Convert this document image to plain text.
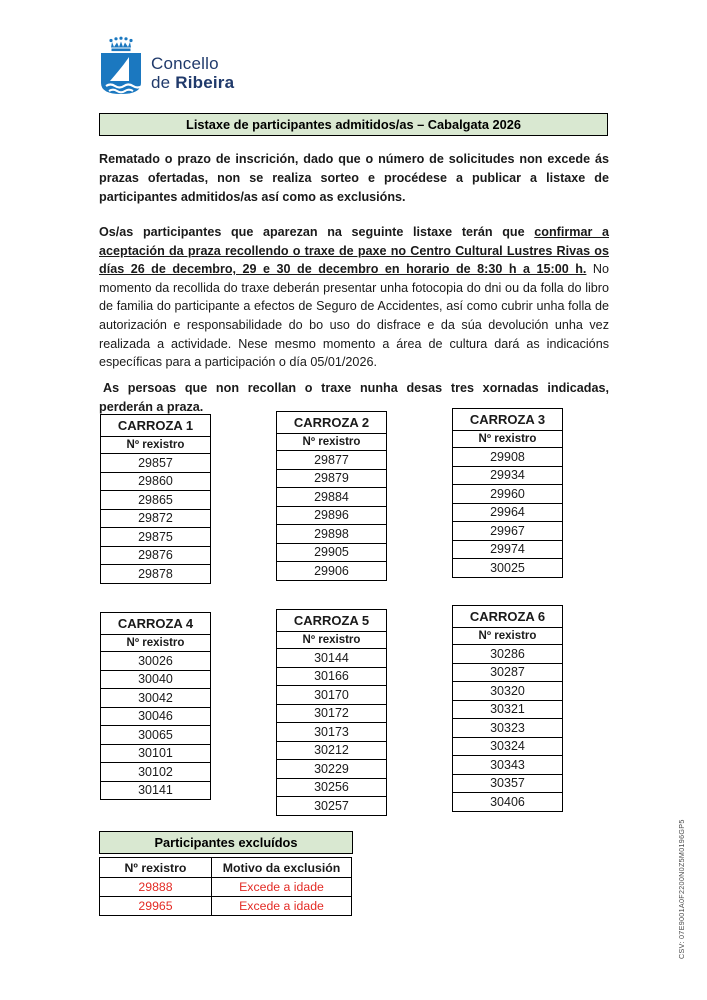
Concello
de Ribeira
Listaxe de participantes admitidos/as – Cabalgata 2026

Rematado o prazo de inscrición, dado que o número de solicitudes non excede ás prazas ofertadas, non se realiza sorteo e procédese a publicar a listaxe de participantes admitidos/as así como as exclusións.

Os/as participantes que aparezan na seguinte listaxe terán que confirmar a aceptación da praza recollendo o traxe de paxe no Centro Cultural Lustres Rivas os días 26 de decembro, 29 e 30 de decembro en horario de 8:30 h a 15:00 h. No momento da recollida do traxe deberán presentar unha fotocopia do dni ou da folla do libro de familia do participante a efectos de Seguro de Accidentes, así como cubrir unha folla de autorización e responsabilidade do bo uso do disfrace e da súa devolución unha vez realizada a actividade. Nese mesmo momento a área de cultura dará as indicacións específicas para a participación o día 05/01/2026.

As persoas que non recollan o traxe nunha desas tres xornadas indicadas, perderán a praza.

CARROZA 1
Nº rexistro
29857
29860
29865
29872
29875
29876
29878
CARROZA 2
Nº rexistro
29877
29879
29884
29896
29898
29905
29906
CARROZA 3
Nº rexistro
29908
29934
29960
29964
29967
29974
30025
CARROZA 4
Nº rexistro
30026
30040
30042
30046
30065
30101
30102
30141
CARROZA 5
Nº rexistro
30144
30166
30170
30172
30173
30212
30229
30256
30257
CARROZA 6
Nº rexistro
30286
30287
30320
30321
30323
30324
30343
30357
30406
Participantes excluídos
Nº rexistro	Motivo da exclusión
29888	Excede a idade
29965	Excede a idade	CSV: 07E9001A0F2200N0Z5M0196GP5
